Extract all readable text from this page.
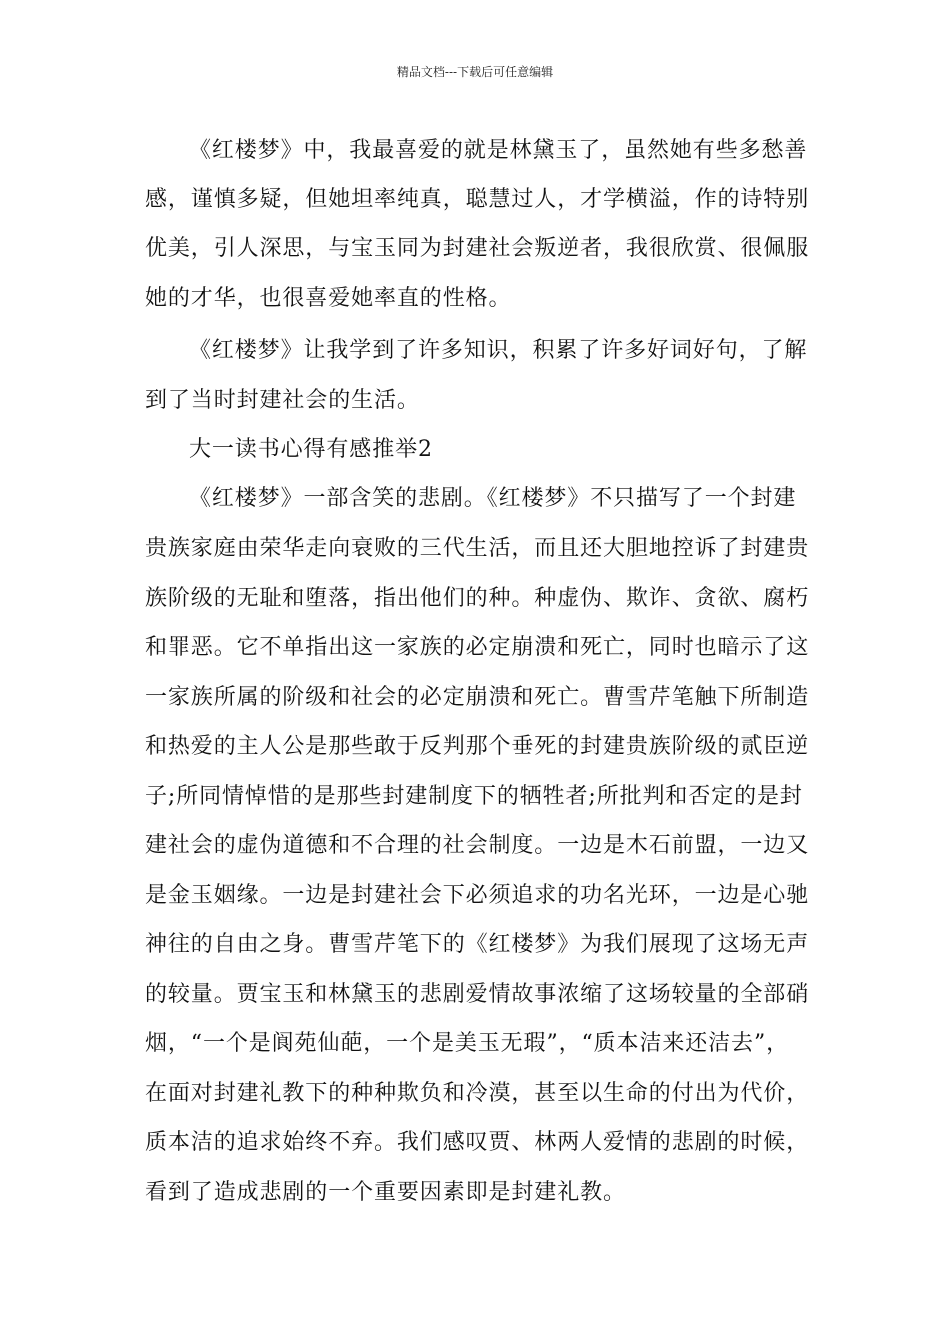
精品文档---下载后可任意编辑
《红楼梦》中，我最喜爱的就是林黛玉了，虽然她有些多愁善
感，谨慎多疑，但她坦率纯真，聪慧过人，才学横溢，作的诗特别
优美，引人深思，与宝玉同为封建社会叛逆者，我很欣赏、很佩服
她的才华，也很喜爱她率直的性格。
《红楼梦》让我学到了许多知识，积累了许多好词好句，了解
到了当时封建社会的生活。
大一读书心得有感推举2
《红楼梦》一部含笑的悲剧。《红楼梦》不只描写了一个封建
贵族家庭由荣华走向衰败的三代生活，而且还大胆地控诉了封建贵
族阶级的无耻和堕落，指出他们的种。种虚伪、欺诈、贪欲、腐朽
和罪恶。它不单指出这一家族的必定崩溃和死亡，同时也暗示了这
一家族所属的阶级和社会的必定崩溃和死亡。曹雪芹笔触下所制造
和热爱的主人公是那些敢于反判那个垂死的封建贵族阶级的贰臣逆
子;所同情悼惜的是那些封建制度下的牺牲者;所批判和否定的是封
建社会的虚伪道德和不合理的社会制度。一边是木石前盟，一边又
是金玉姻缘。一边是封建社会下必须追求的功名光环，一边是心驰
神往的自由之身。曹雪芹笔下的《红楼梦》为我们展现了这场无声
的较量。贾宝玉和林黛玉的悲剧爱情故事浓缩了这场较量的全部硝
烟，“一个是阆苑仙葩，一个是美玉无瑕”，“质本洁来还洁去”，
在面对封建礼教下的种种欺负和冷漠，甚至以生命的付出为代价，
质本洁的追求始终不弃。我们感叹贾、林两人爱情的悲剧的时候，
看到了造成悲剧的一个重要因素即是封建礼教。
